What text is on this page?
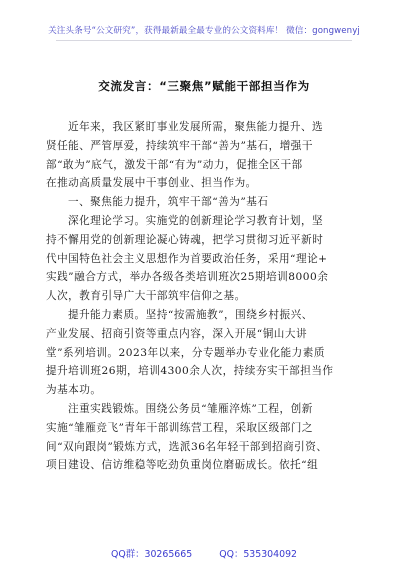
关注头条号“公文研究”，获得最新最全最专业的公文资料库！ 微信：gongwenyj
交流发言：“三聚焦”赋能干部担当作为
近年来，我区紧盯事业发展所需，聚焦能力提升、选
贤任能、严管厚爱，持续筑牢干部“善为”基石，增强干
部“敢为”底气，激发干部“有为”动力，促推全区干部
在推动高质量发展中干事创业、担当作为。
一、聚焦能力提升，筑牢干部“善为”基石
深化理论学习。实施党的创新理论学习教育计划，坚
持不懈用党的创新理论凝心铸魂，把学习贯彻习近平新时
代中国特色社会主义思想作为首要政治任务，采用“理论+
实践”融合方式，举办各级各类培训班次25期培训8000余
人次，教育引导广大干部筑牢信仰之基。
提升能力素质。坚持“按需施教”，围绕乡村振兴、
产业发展、招商引资等重点内容，深入开展“铜山大讲
堂”系列培训。2023年以来，分专题举办专业化能力素质
提升培训班26期，培训4300余人次，持续夯实干部担当作
为基本功。
注重实践锻炼。围绕公务员“雏雁淬炼”工程，创新
实施“雏雁竞飞”青年干部训练营工程，采取区级部门之
间“双向跟岗”锻炼方式，选派36名年轻干部到招商引资、
项目建设、信访维稳等吃劲负重岗位磨砺成长。依托“组
QQ群：30265665	QQ：535304092
